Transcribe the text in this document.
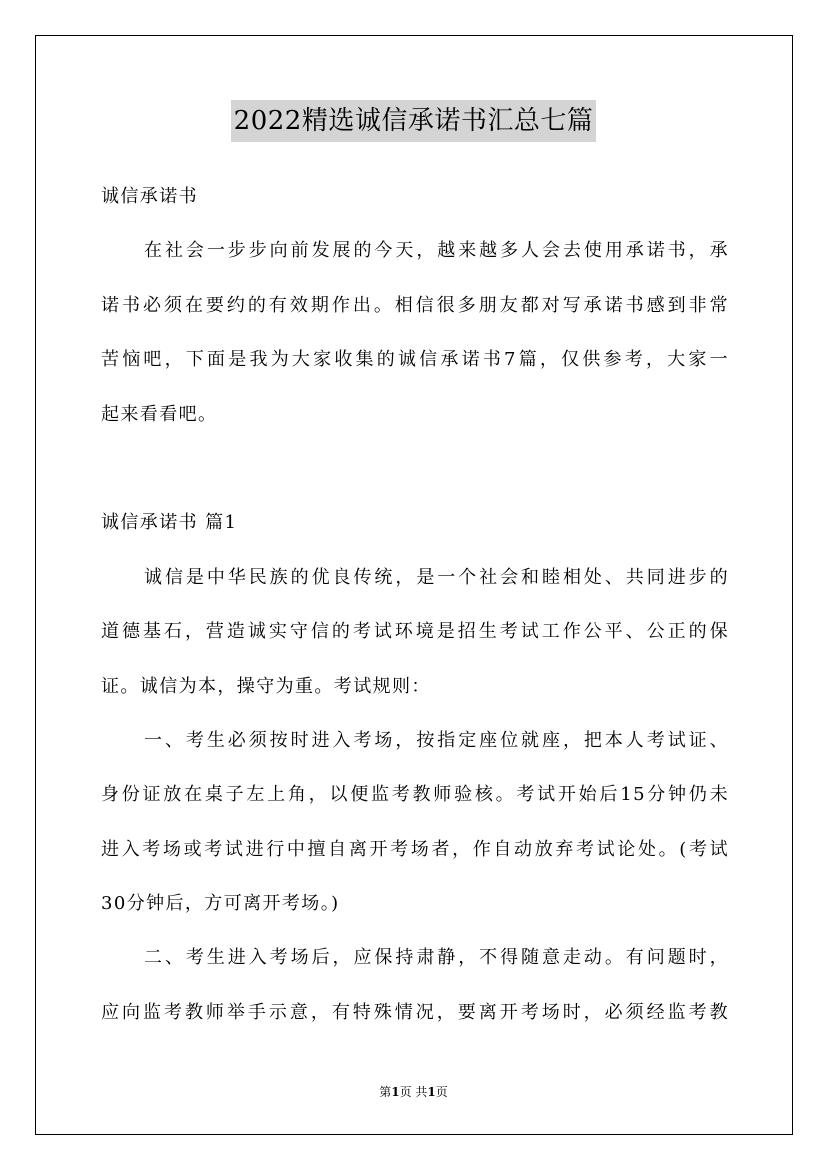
2022精选诚信承诺书汇总七篇
诚信承诺书
在社会一步步向前发展的今天，越来越多人会去使用承诺书，承
诺书必须在要约的有效期作出。相信很多朋友都对写承诺书感到非常
苦恼吧，下面是我为大家收集的诚信承诺书7篇，仅供参考，大家一
起来看看吧。
诚信承诺书 篇1
诚信是中华民族的优良传统，是一个社会和睦相处、共同进步的
道德基石，营造诚实守信的考试环境是招生考试工作公平、公正的保
证。诚信为本，操守为重。考试规则：
一、考生必须按时进入考场，按指定座位就座，把本人考试证、
身份证放在桌子左上角，以便监考教师验核。考试开始后15分钟仍未
进入考场或考试进行中擅自离开考场者，作自动放弃考试论处。(考试
30分钟后，方可离开考场。)
二、考生进入考场后，应保持肃静，不得随意走动。有问题时，
应向监考教师举手示意，有特殊情况，要离开考场时，必须经监考教
第1页 共1页
